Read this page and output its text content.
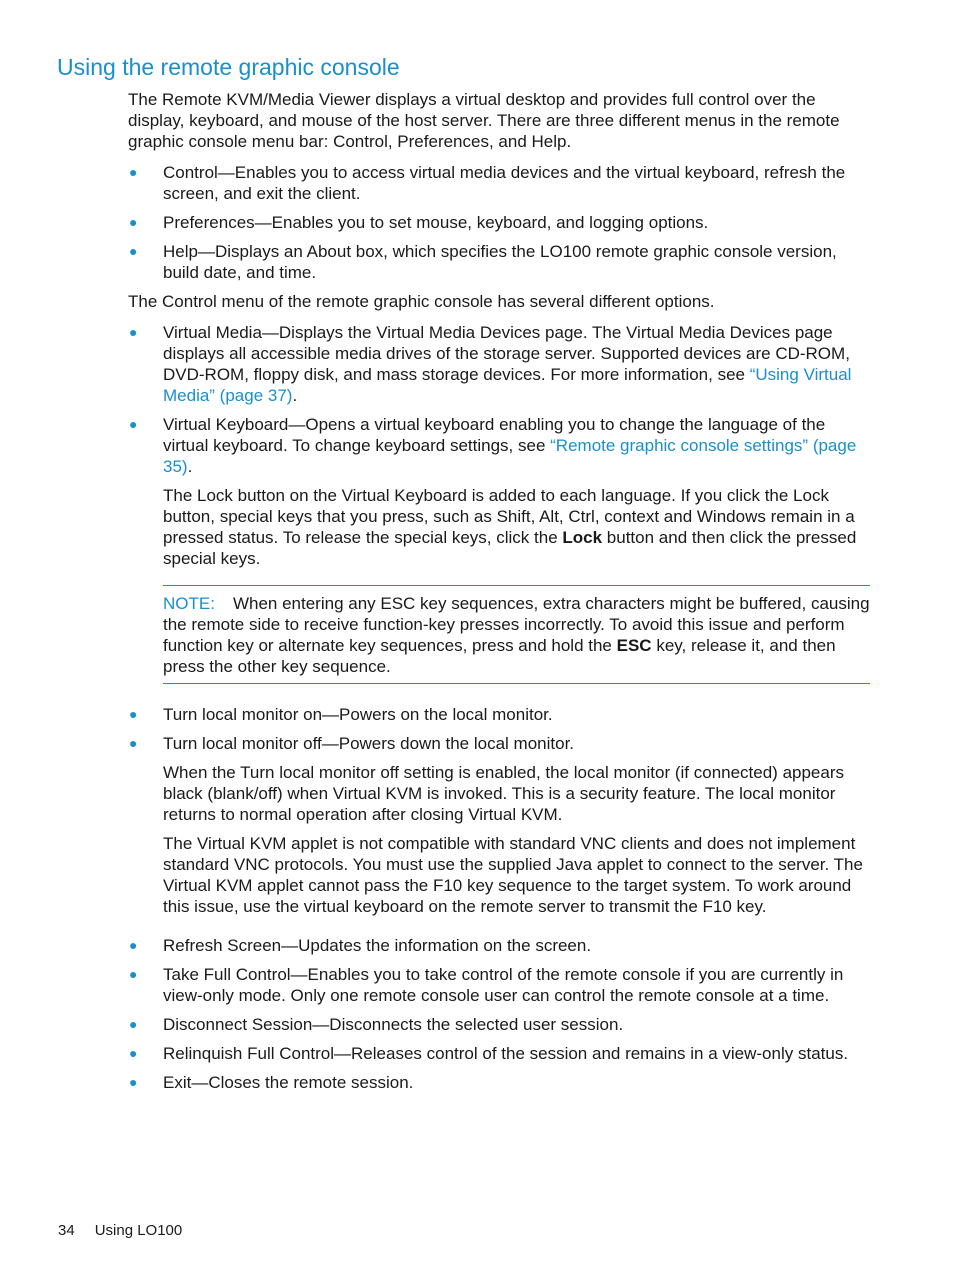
Using the remote graphic console

The Remote KVM/Media Viewer displays a virtual desktop and provides full control over the display, keyboard, and mouse of the host server. There are three different menus in the remote graphic console menu bar: Control, Preferences, and Help.

● Control—Enables you to access virtual media devices and the virtual keyboard, refresh the screen, and exit the client.
● Preferences—Enables you to set mouse, keyboard, and logging options.
● Help—Displays an About box, which specifies the LO100 remote graphic console version, build date, and time.

The Control menu of the remote graphic console has several different options.

● Virtual Media—Displays the Virtual Media Devices page. The Virtual Media Devices page displays all accessible media drives of the storage server. Supported devices are CD-ROM, DVD-ROM, floppy disk, and mass storage devices. For more information, see “Using Virtual Media” (page 37).
● Virtual Keyboard—Opens a virtual keyboard enabling you to change the language of the virtual keyboard. To change keyboard settings, see “Remote graphic console settings” (page 35).

The Lock button on the Virtual Keyboard is added to each language. If you click the Lock button, special keys that you press, such as Shift, Alt, Ctrl, context and Windows remain in a pressed status. To release the special keys, click the Lock button and then click the pressed special keys.

NOTE: When entering any ESC key sequences, extra characters might be buffered, causing the remote side to receive function-key presses incorrectly. To avoid this issue and perform function key or alternate key sequences, press and hold the ESC key, release it, and then press the other key sequence.
● Turn local monitor on—Powers on the local monitor.
● Turn local monitor off—Powers down the local monitor.

When the Turn local monitor off setting is enabled, the local monitor (if connected) appears black (blank/off) when Virtual KVM is invoked. This is a security feature. The local monitor returns to normal operation after closing Virtual KVM.

The Virtual KVM applet is not compatible with standard VNC clients and does not implement standard VNC protocols. You must use the supplied Java applet to connect to the server. The Virtual KVM applet cannot pass the F10 key sequence to the target system. To work around this issue, use the virtual keyboard on the remote server to transmit the F10 key.

● Refresh Screen—Updates the information on the screen.
● Take Full Control—Enables you to take control of the remote console if you are currently in view-only mode. Only one remote console user can control the remote console at a time.
● Disconnect Session—Disconnects the selected user session.
● Relinquish Full Control—Releases control of the session and remains in a view-only status.
● Exit—Closes the remote session.
34 Using LO100
